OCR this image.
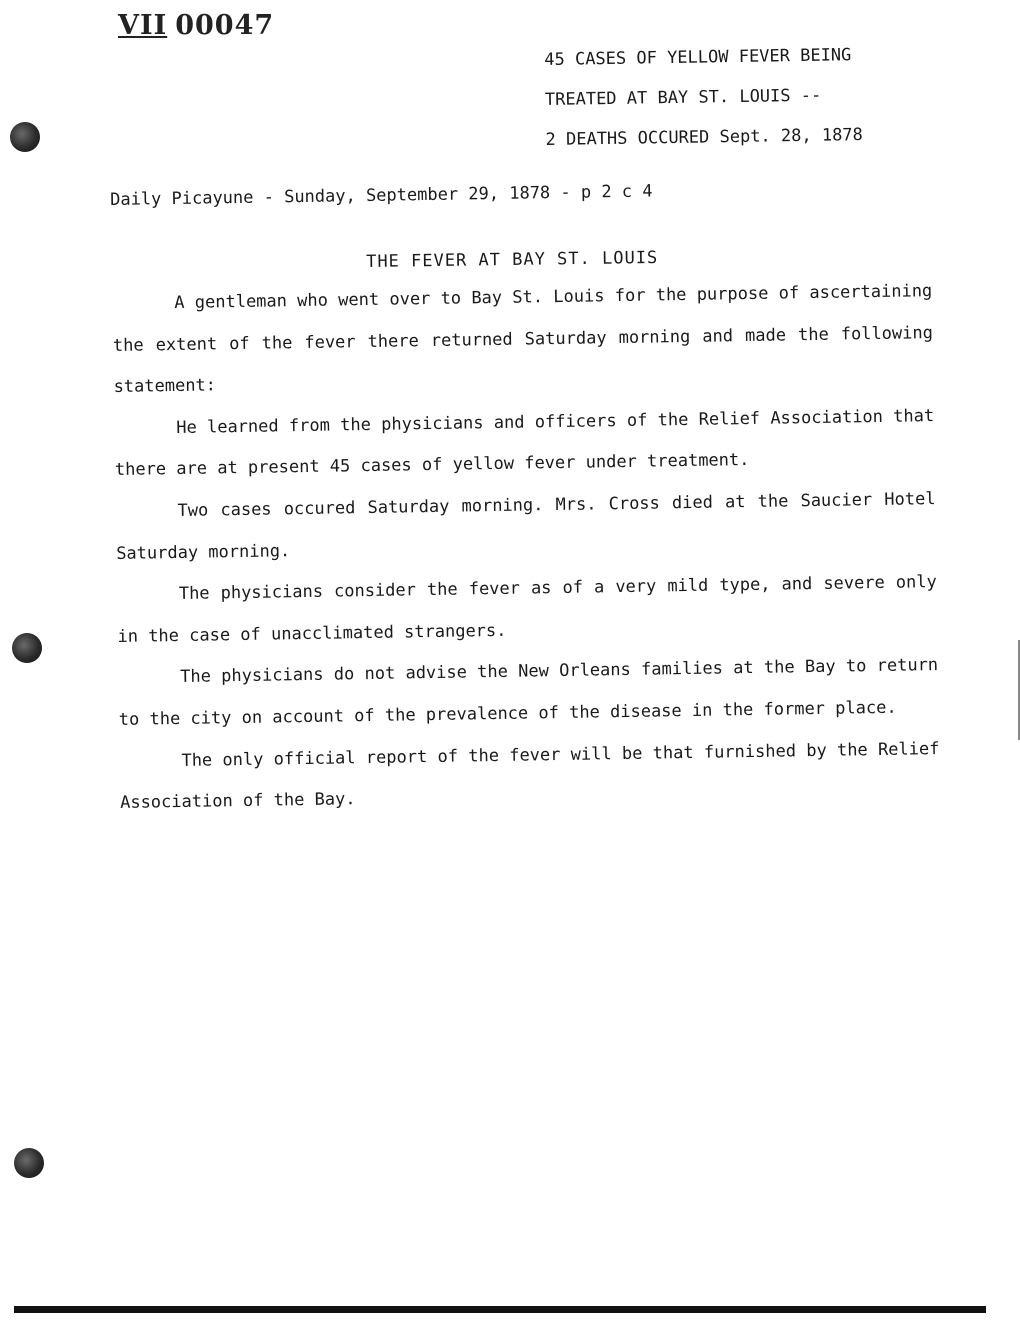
VII 00047
45 CASES OF YELLOW FEVER BEING
TREATED AT BAY ST. LOUIS --
2 DEATHS OCCURED Sept. 28, 1878
Daily Picayune - Sunday, September 29, 1878 - p 2 c 4
THE FEVER AT BAY ST. LOUIS

A gentleman who went over to Bay St. Louis for the purpose of ascertaining the extent of the fever there returned Saturday morning and made the following statement:

He learned from the physicians and officers of the Relief Association that there are at present 45 cases of yellow fever under treatment.

Two cases occured Saturday morning. Mrs. Cross died at the Saucier Hotel Saturday morning.

The physicians consider the fever as of a very mild type, and severe only in the case of unacclimated strangers.

The physicians do not advise the New Orleans families at the Bay to return to the city on account of the prevalence of the disease in the former place.

The only official report of the fever will be that furnished by the Relief Association of the Bay.
